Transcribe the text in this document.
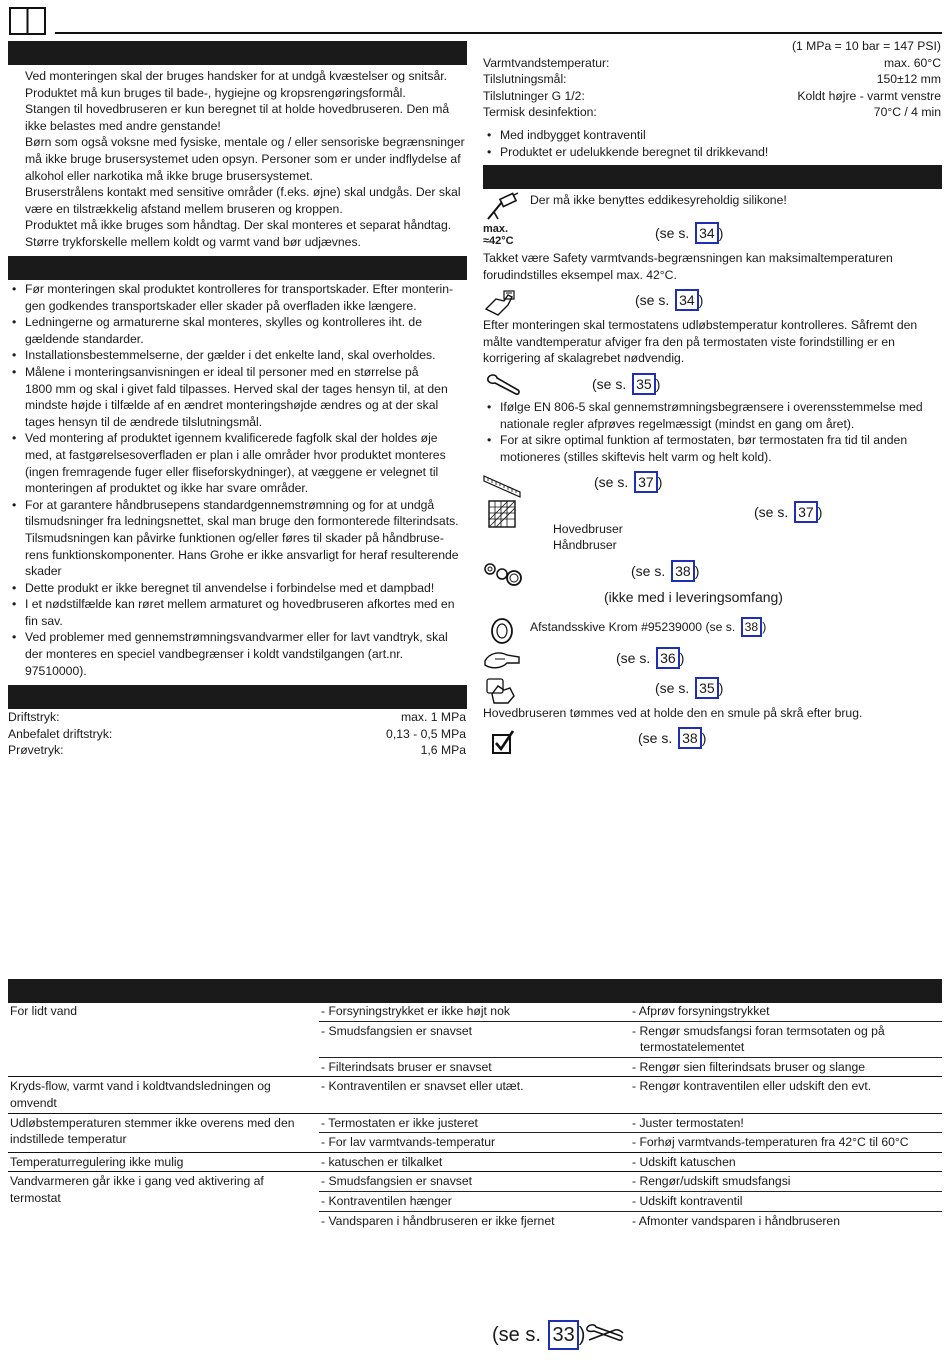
Ved monteringen skal der bruges handsker for at undgå kvæstelser og snitsår.

Produktet må kun bruges til bade-, hygiejne og kropsrengøringsformål.

Stangen til hovedbruseren er kun beregnet til at holde hovedbruseren. Den må

ikke belastes med andre genstande!

Børn som også voksne med fysiske, mentale og / eller sensoriske begrænsninger

må ikke bruge brusersystemet uden opsyn. Personer som er under indflydelse af

alkohol eller narkotika må ikke bruge brusersystemet.

Bruserstrålens kontakt med sensitive områder (f.eks. øjne) skal undgås. Der skal

være en tilstrækkelig afstand mellem bruseren og kroppen.

Produktet må ikke bruges som håndtag. Der skal monteres et separat håndtag.

Større trykforskelle mellem koldt og varmt vand bør udjævnes.

• Før monteringen skal produktet kontrolleres for transportskader. Efter monterin-
gen godkendes transportskader eller skader på overfladen ikke længere.
• Ledningerne og armaturerne skal monteres, skylles og kontrolleres iht. de
gældende standarder.
• Installationsbestemmelserne, der gælder i det enkelte land, skal overholdes.
• Målene i monteringsanvisningen er ideal til personer med en størrelse på
1800 mm og skal i givet fald tilpasses. Herved skal der tages hensyn til, at den
mindste højde i tilfælde af en ændret monteringshøjde ændres og at der skal
tages hensyn til de ændrede tilslutningsmål.
• Ved montering af produktet igennem kvalificerede fagfolk skal der holdes øje
med, at fastgørelsesoverfladen er plan i alle områder hvor produktet monteres
(ingen fremragende fuger eller fliseforskydninger), at væggene er velegnet til
monteringen af produktet og ikke har svare områder.
• For at garantere håndbrusерens standardgennemstrømning og for at undgå
tilsmudsninger fra ledningsnettet, skal man bruge den formonterede filterindsats.
Tilsmudsningen kan påvirke funktionen og/eller føres til skader på håndbruse-
rens funktionskomponenter. Hans Grohe er ikke ansvarligt for heraf resulterende
skader
• Dette produkt er ikke beregnet til anvendelse i forbindelse med et dampbad!
• I et nødstilfælde kan røret mellem armaturet og hovedbruseren afkortes med en
fin sav.
• Ved problemer med gennemstrømningsvandvarmer eller for lavt vandtryk, skal
der monteres en speciel vandbegrænser i koldt vandstilgangen (art.nr.
97510000).
Driftstryk:	max. 1 MPa
Anbefalet driftstryk:	0,13 - 0,5 MPa
Prøvetryk:	1,6 MPa
(1 MPa = 10 bar = 147 PSI)
Varmtvandstemperatur:	max. 60°C
Tilslutningsmål:	150±12 mm
Tilslutninger G 1/2:	Koldt højre - varmt venstre
Termisk desinfektion:	70°C / 4 min
• Med indbygget kontraventil
• Produktet er udelukkende beregnet til drikkevand!
Der må ikke benyttes eddikesyreholdig silikone!
max.
≈42°C	(se s. 34 )
Takket være Safety varmtvands-begrænsningen kan maksimaltemperaturen
forudindstilles eksempel max. 42°C.
(se s. 34 )
Efter monteringen skal termostatens udløbstemperatur kontrolleres. Såfremt den
målte vandtemperatur afviger fra den på termostaten viste forindstilling er en
korrigering af skalagrebet nødvendig.
(se s. 35 )
• Ifølge EN 806-5 skal gennemstrømningsbegrænsere i overensstemmelse med
nationale regler afprøves regelmæssigt (mindst en gang om året).
• For at sikre optimal funktion af termostaten, bør termostaten fra tid til anden
motioneres (stilles skiftevis helt varm og helt kold).
(se s. 37 )
(se s. 37 )
Hovedbruser
Håndbruser
(se s. 38 )
(ikke med i leveringsomfang)
Afstandsskive Krom #95239000 (se s. 38 )
(se s. 36 )
(se s. 35 )
Hovedbruseren tømmes ved at holde den en smule på skrå efter brug.
(se s. 38 )
For lidt vand	- Forsyningstrykket er ikke højt nok	- Afprøv forsyningstrykket
	- Smudsfangsien er snavset	- Rengør smudsfangsi foran termsotaten og på
termostatelementet

	- Filterindsats bruser er snavset	- Rengør sien filterindsats bruser og slange

Kryds-flow, varmt vand i koldtvandsledningen og
omvendt	- Kontraventilen er snavset eller utæt.	- Rengør kontraventilen eller udskift den evt.

Udløbstemperaturen stemmer ikke overens med den
indstillede temperatur	- Termostaten er ikke justeret	- Juster termostaten!
	- For lav varmtvands-temperatur	- Forhøj varmtvands-temperaturen fra 42°C til 60°C
Temperaturregulering ikke mulig	- katuschen er tilkalket	- Udskift katuschen

Vandvarmeren går ikke i gang ved aktivering af
termostat	- Smudsfangsien er snavset	- Rengør/udskift smudsfangsi
	- Kontraventilen hænger	- Udskift kontraventil
	- Vandsparen i håndbruseren er ikke fjernet	- Afmonter vandsparen i håndbruseren
(se s. 33 )
